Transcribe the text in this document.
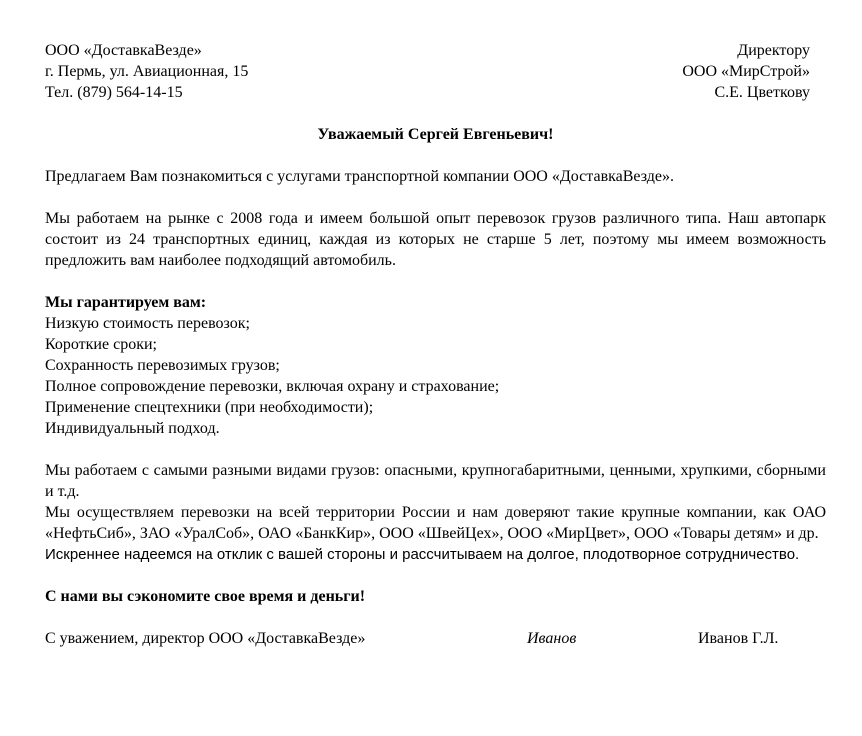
ООО «ДоставкаВезде»
г. Пермь, ул. Авиационная, 15
Тел. (879) 564-14-15
Директору
ООО «МирСтрой»
С.Е. Цветкову
Уважаемый Сергей Евгеньевич!

Предлагаем Вам познакомиться с услугами транспортной компании ООО «ДоставкаВезде».

Мы работаем на рынке с 2008 года и имеем большой опыт перевозок грузов различного типа. Наш автопарк состоит из 24 транспортных единиц, каждая из которых не старше 5 лет, поэтому мы имеем возможность предложить вам наиболее подходящий автомобиль.

Мы гарантируем вам:
Низкую стоимость перевозок;
Короткие сроки;
Сохранность перевозимых грузов;
Полное сопровождение перевозки, включая охрану и страхование;
Применение спецтехники (при необходимости);
Индивидуальный подход.

Мы работаем с самыми разными видами грузов: опасными, крупногабаритными, ценными, хрупкими, сборными и т.д.

Мы осуществляем перевозки на всей территории России и нам доверяют такие крупные компании, как ОАО «НефтьСиб», ЗАО «УралСоб», ОАО «БанкКир», ООО «ШвейЦех», ООО «МирЦвет», ООО «Товары детям» и др.

Искреннее надеемся на отклик с вашей стороны и рассчитываем на долгое, плодотворное сотрудничество.

С нами вы сэкономите свое время и деньги!
С уважением, директор ООО «ДоставкаВезде»	Иванов	Иванов Г.Л.
